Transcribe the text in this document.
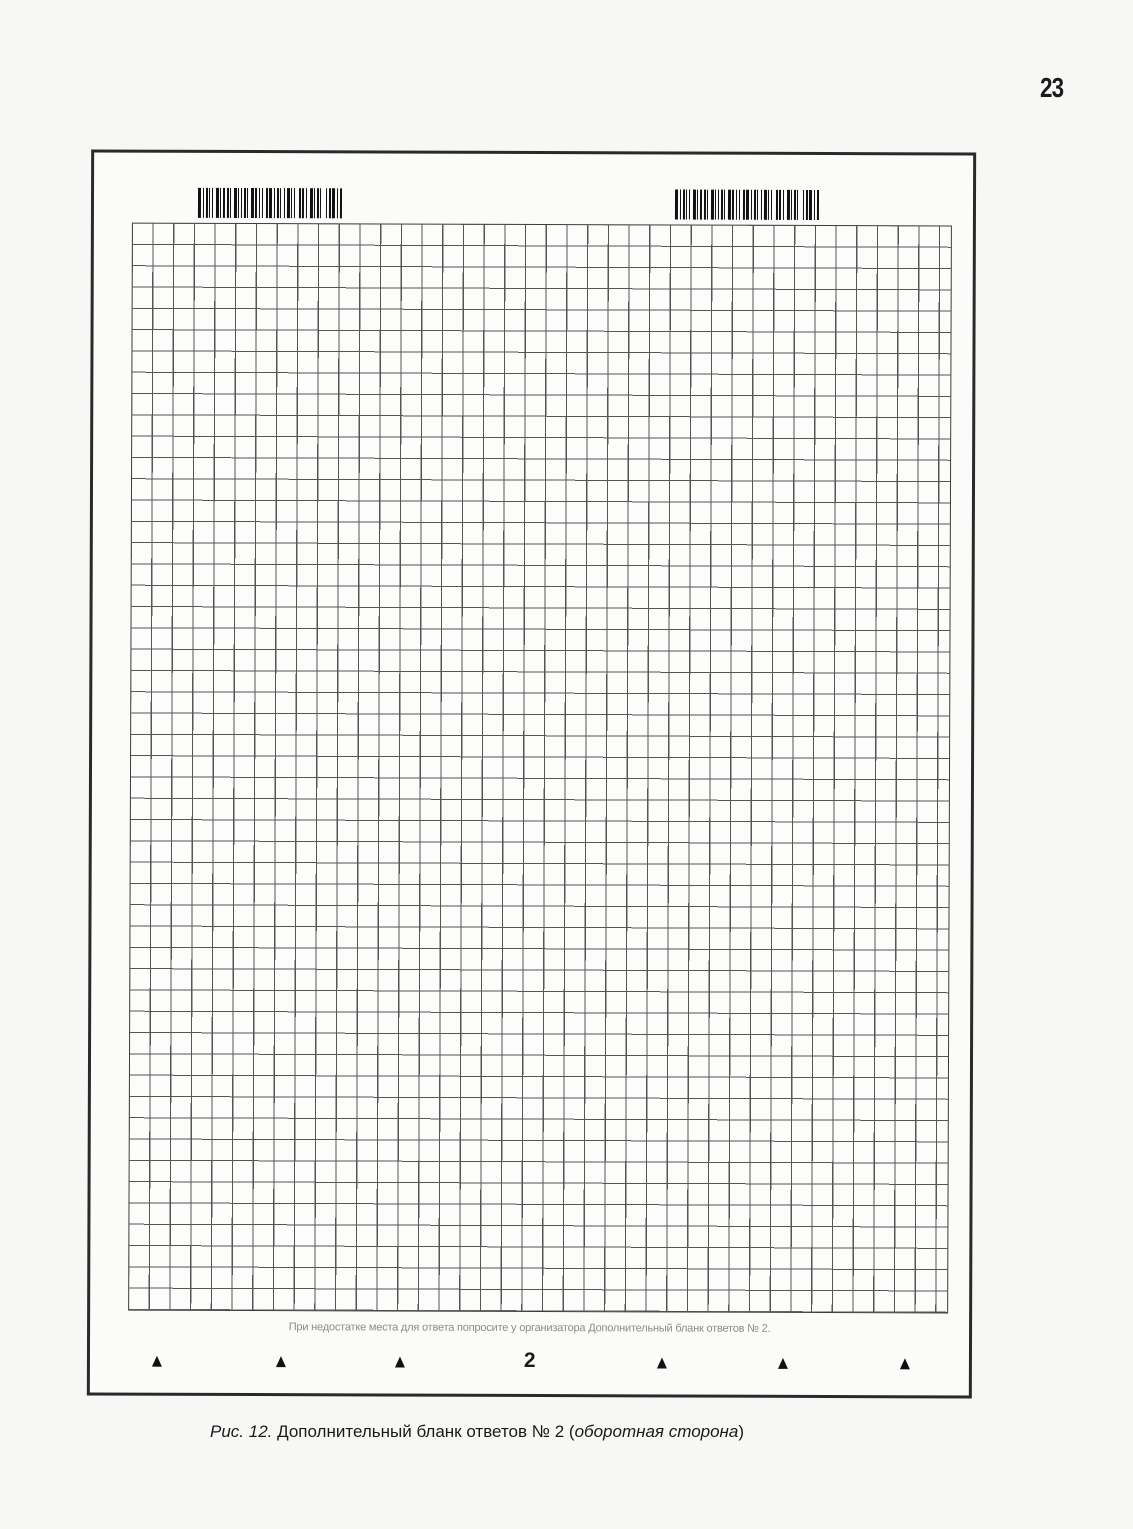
23
При недостатке места для ответа попросите у организатора Дополнительный бланк ответов № 2.
2
Рис. 12. Дополнительный бланк ответов № 2 (оборотная сторона)
